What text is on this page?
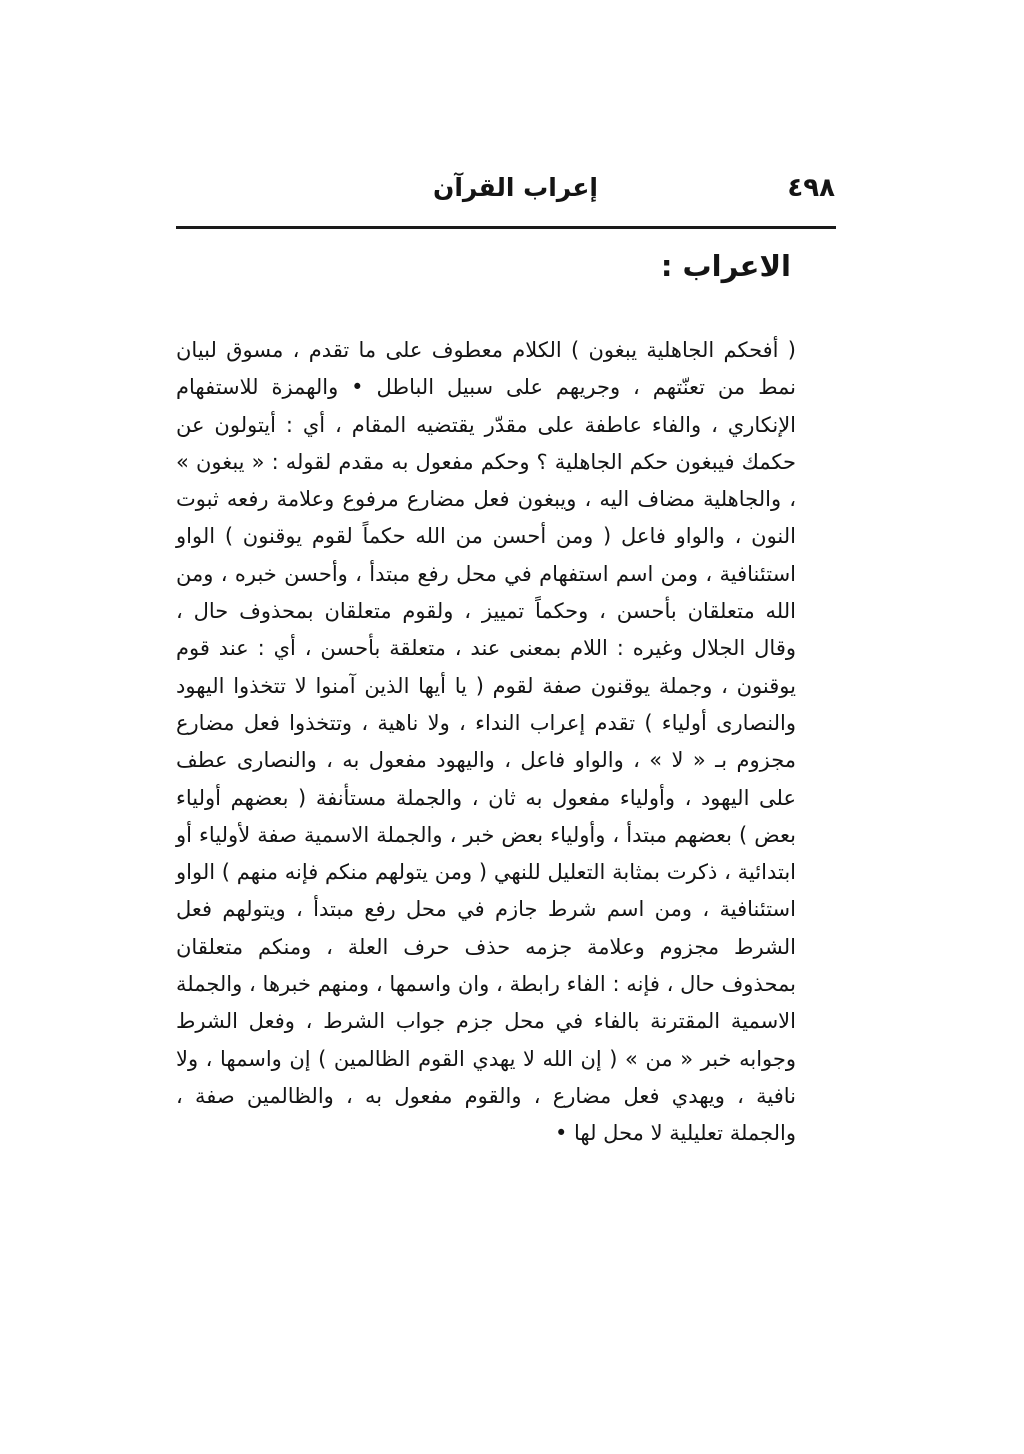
٤٩٨
إعراب القرآن
الاعراب :

( أفحكم الجاهلية يبغون ) الكلام معطوف على ما تقدم ، مسوق لبيان نمط من تعنّتهم ، وجريهم على سبيل الباطل • والهمزة للاستفهام الإنكاري ، والفاء عاطفة على مقدّر يقتضيه المقام ، أي : أيتولون عن حكمك فيبغون حكم الجاهلية ؟ وحكم مفعول به مقدم لقوله : « يبغون » ، والجاهلية مضاف اليه ، ويبغون فعل مضارع مرفوع وعلامة رفعه ثبوت النون ، والواو فاعل ( ومن أحسن من الله حكماً لقوم يوقنون ) الواو استئنافية ، ومن اسم استفهام في محل رفع مبتدأ ، وأحسن خبره ، ومن الله متعلقان بأحسن ، وحكماً تمييز ، ولقوم متعلقان بمحذوف حال ، وقال الجلال وغيره : اللام بمعنى عند ، متعلقة بأحسن ، أي : عند قوم يوقنون ، وجملة يوقنون صفة لقوم ( يا أيها الذين آمنوا لا تتخذوا اليهود والنصارى أولياء ) تقدم إعراب النداء ، ولا ناهية ، وتتخذوا فعل مضارع مجزوم بـ « لا » ، والواو فاعل ، واليهود مفعول به ، والنصارى عطف على اليهود ، وأولياء مفعول به ثان ، والجملة مستأنفة ( بعضهم أولياء بعض ) بعضهم مبتدأ ، وأولياء بعض خبر ، والجملة الاسمية صفة لأولياء أو ابتدائية ، ذكرت بمثابة التعليل للنهي ( ومن يتولهم منكم فإنه منهم ) الواو استئنافية ، ومن اسم شرط جازم في محل رفع مبتدأ ، ويتولهم فعل الشرط مجزوم وعلامة جزمه حذف حرف العلة ، ومنكم متعلقان بمحذوف حال ، فإنه : الفاء رابطة ، وان واسمها ، ومنهم خبرها ، والجملة الاسمية المقترنة بالفاء في محل جزم جواب الشرط ، وفعل الشرط وجوابه خبر « من » ( إن الله لا يهدي القوم الظالمين ) إن واسمها ، ولا نافية ، ويهدي فعل مضارع ، والقوم مفعول به ، والظالمين صفة ، والجملة تعليلية لا محل لها •
